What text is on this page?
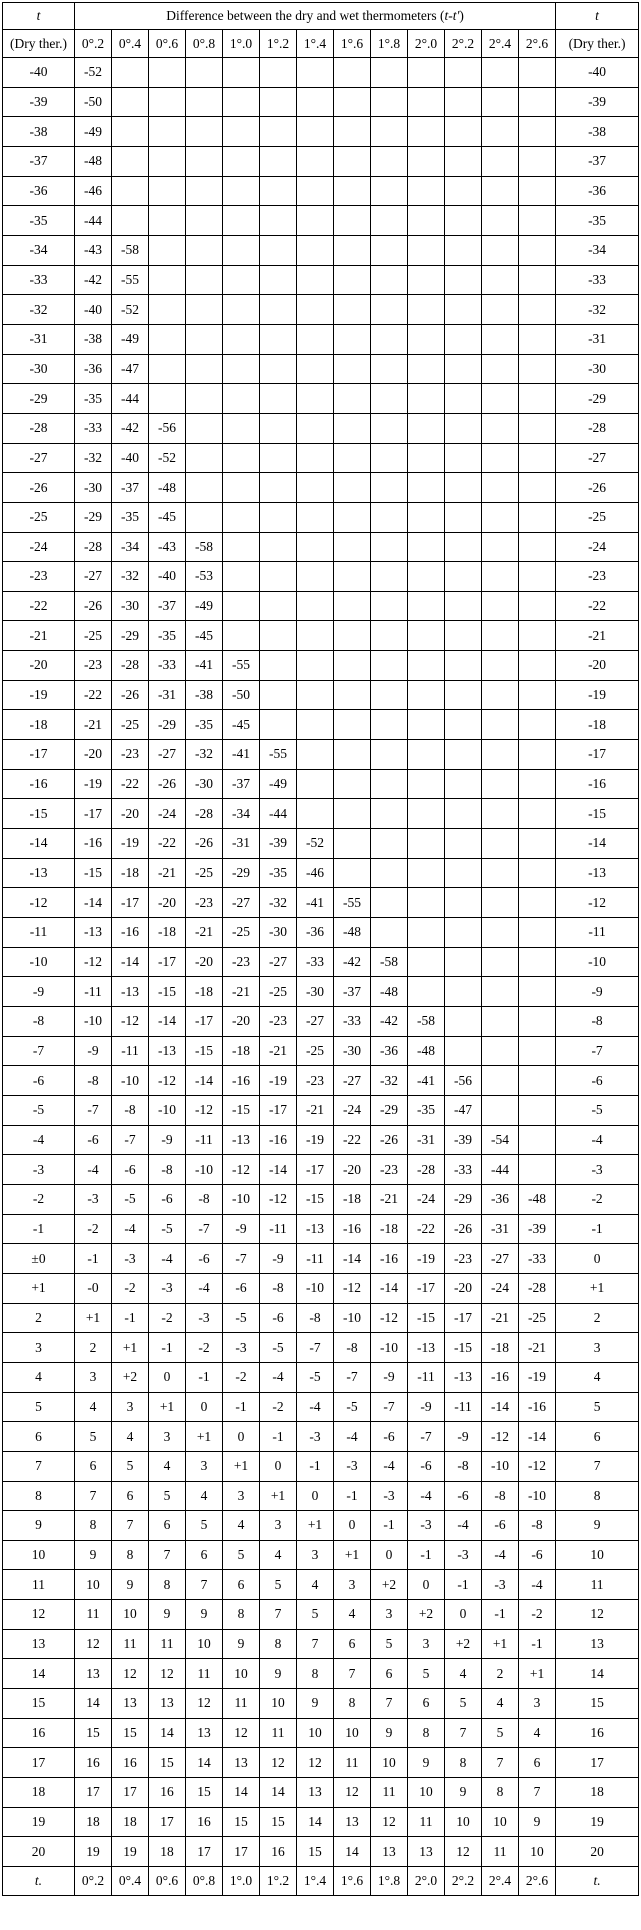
t	Difference between the dry and wet thermometers (t-t')													t
(Dry ther.)	0°.2	0°.4	0°.6	0°.8	1°.0	1°.2	1°.4	1°.6	1°.8	2°.0	2°.2	2°.4	2°.6	(Dry ther.)
-40	-52													-40
-39	-50													-39
-38	-49													-38
-37	-48													-37
-36	-46													-36
-35	-44													-35
-34	-43	-58												-34
-33	-42	-55												-33
-32	-40	-52												-32
-31	-38	-49												-31
-30	-36	-47												-30
-29	-35	-44												-29
-28	-33	-42	-56											-28
-27	-32	-40	-52											-27
-26	-30	-37	-48											-26
-25	-29	-35	-45											-25
-24	-28	-34	-43	-58										-24
-23	-27	-32	-40	-53										-23
-22	-26	-30	-37	-49										-22
-21	-25	-29	-35	-45										-21
-20	-23	-28	-33	-41	-55									-20
-19	-22	-26	-31	-38	-50									-19
-18	-21	-25	-29	-35	-45									-18
-17	-20	-23	-27	-32	-41	-55								-17
-16	-19	-22	-26	-30	-37	-49								-16
-15	-17	-20	-24	-28	-34	-44								-15
-14	-16	-19	-22	-26	-31	-39	-52							-14
-13	-15	-18	-21	-25	-29	-35	-46							-13
-12	-14	-17	-20	-23	-27	-32	-41	-55						-12
-11	-13	-16	-18	-21	-25	-30	-36	-48						-11
-10	-12	-14	-17	-20	-23	-27	-33	-42	-58					-10
-9	-11	-13	-15	-18	-21	-25	-30	-37	-48					-9
-8	-10	-12	-14	-17	-20	-23	-27	-33	-42	-58				-8
-7	-9	-11	-13	-15	-18	-21	-25	-30	-36	-48				-7
-6	-8	-10	-12	-14	-16	-19	-23	-27	-32	-41	-56			-6
-5	-7	-8	-10	-12	-15	-17	-21	-24	-29	-35	-47			-5
-4	-6	-7	-9	-11	-13	-16	-19	-22	-26	-31	-39	-54		-4
-3	-4	-6	-8	-10	-12	-14	-17	-20	-23	-28	-33	-44		-3
-2	-3	-5	-6	-8	-10	-12	-15	-18	-21	-24	-29	-36	-48	-2
-1	-2	-4	-5	-7	-9	-11	-13	-16	-18	-22	-26	-31	-39	-1
±0	-1	-3	-4	-6	-7	-9	-11	-14	-16	-19	-23	-27	-33	0
+1	-0	-2	-3	-4	-6	-8	-10	-12	-14	-17	-20	-24	-28	+1
2	+1	-1	-2	-3	-5	-6	-8	-10	-12	-15	-17	-21	-25	2
3	2	+1	-1	-2	-3	-5	-7	-8	-10	-13	-15	-18	-21	3
4	3	+2	0	-1	-2	-4	-5	-7	-9	-11	-13	-16	-19	4
5	4	3	+1	0	-1	-2	-4	-5	-7	-9	-11	-14	-16	5
6	5	4	3	+1	0	-1	-3	-4	-6	-7	-9	-12	-14	6
7	6	5	4	3	+1	0	-1	-3	-4	-6	-8	-10	-12	7
8	7	6	5	4	3	+1	0	-1	-3	-4	-6	-8	-10	8
9	8	7	6	5	4	3	+1	0	-1	-3	-4	-6	-8	9
10	9	8	7	6	5	4	3	+1	0	-1	-3	-4	-6	10
11	10	9	8	7	6	5	4	3	+2	0	-1	-3	-4	11
12	11	10	9	9	8	7	5	4	3	+2	0	-1	-2	12
13	12	11	11	10	9	8	7	6	5	3	+2	+1	-1	13
14	13	12	12	11	10	9	8	7	6	5	4	2	+1	14
15	14	13	13	12	11	10	9	8	7	6	5	4	3	15
16	15	15	14	13	12	11	10	10	9	8	7	5	4	16
17	16	16	15	14	13	12	12	11	10	9	8	7	6	17
18	17	17	16	15	14	14	13	12	11	10	9	8	7	18
19	18	18	17	16	15	15	14	13	12	11	10	10	9	19
20	19	19	18	17	17	16	15	14	13	13	12	11	10	20
t.	0°.2	0°.4	0°.6	0°.8	1°.0	1°.2	1°.4	1°.6	1°.8	2°.0	2°.2	2°.4	2°.6	t.
